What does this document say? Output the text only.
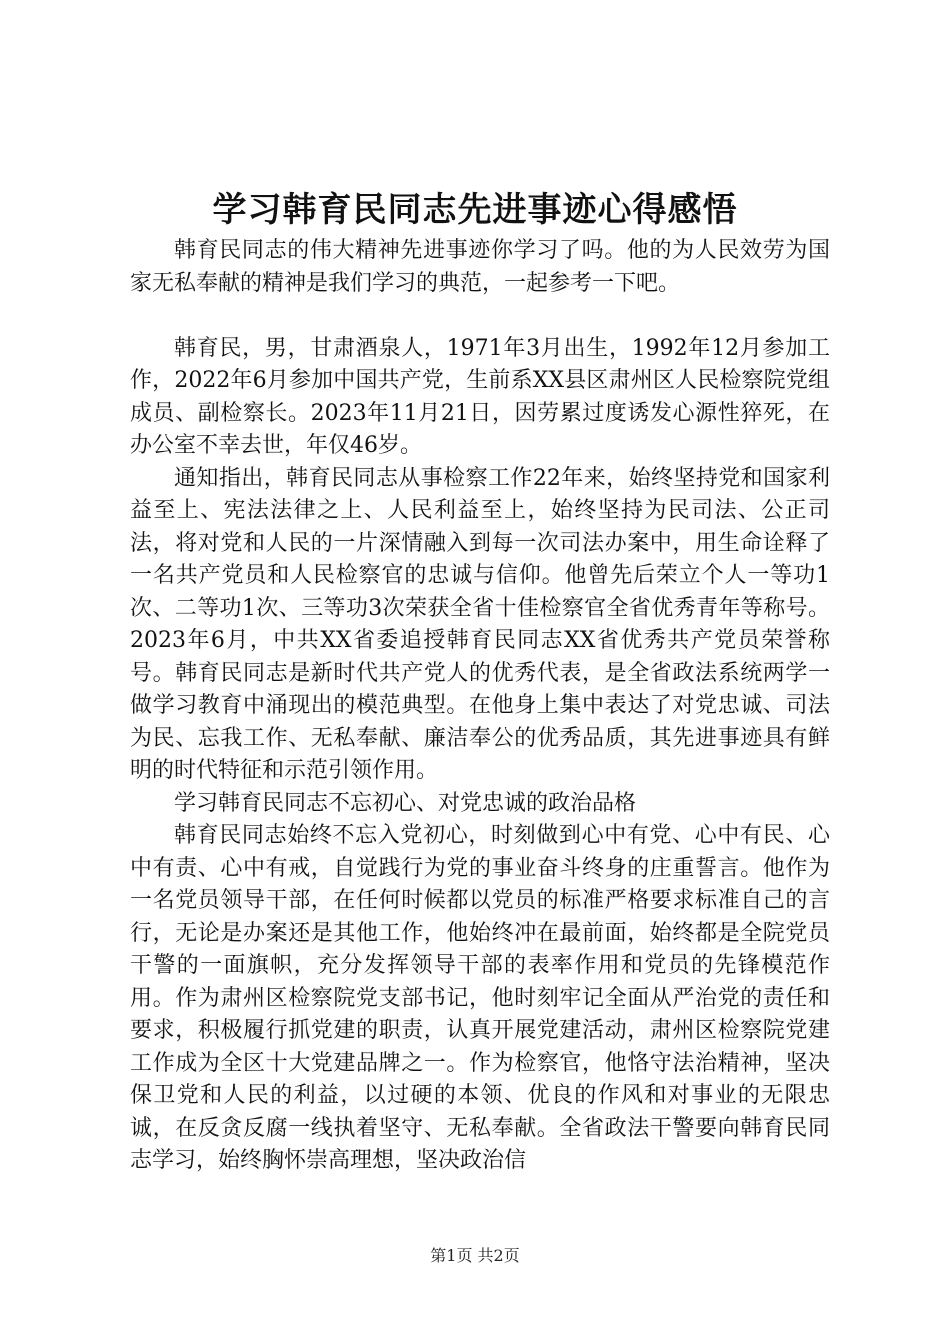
学习韩育民同志先进事迹心得感悟

韩育民同志的伟大精神先进事迹你学习了吗。他的为人民效劳为国家无私奉献的精神是我们学习的典范，一起参考一下吧。

韩育民，男，甘肃酒泉人，1971年3月出生，1992年12月参加工作，2022年6月参加中国共产党，生前系XX县区肃州区人民检察院党组成员、副检察长。2023年11月21日，因劳累过度诱发心源性猝死，在办公室不幸去世，年仅46岁。

通知指出，韩育民同志从事检察工作22年来，始终坚持党和国家利益至上、宪法法律之上、人民利益至上，始终坚持为民司法、公正司法，将对党和人民的一片深情融入到每一次司法办案中，用生命诠释了一名共产党员和人民检察官的忠诚与信仰。他曾先后荣立个人一等功1次、二等功1次、三等功3次荣获全省十佳检察官全省优秀青年等称号。2023年6月，中共XX省委追授韩育民同志XX省优秀共产党员荣誉称号。韩育民同志是新时代共产党人的优秀代表，是全省政法系统两学一做学习教育中涌现出的模范典型。在他身上集中表达了对党忠诚、司法为民、忘我工作、无私奉献、廉洁奉公的优秀品质，其先进事迹具有鲜明的时代特征和示范引领作用。

学习韩育民同志不忘初心、对党忠诚的政治品格

韩育民同志始终不忘入党初心，时刻做到心中有党、心中有民、心中有责、心中有戒，自觉践行为党的事业奋斗终身的庄重誓言。他作为一名党员领导干部，在任何时候都以党员的标准严格要求标准自己的言行，无论是办案还是其他工作，他始终冲在最前面，始终都是全院党员干警的一面旗帜，充分发挥领导干部的表率作用和党员的先锋模范作用。作为肃州区检察院党支部书记，他时刻牢记全面从严治党的责任和要求，积极履行抓党建的职责，认真开展党建活动，肃州区检察院党建工作成为全区十大党建品牌之一。作为检察官，他恪守法治精神，坚决保卫党和人民的利益，以过硬的本领、优良的作风和对事业的无限忠诚，在反贪反腐一线执着坚守、无私奉献。全省政法干警要向韩育民同志学习，始终胸怀崇高理想，坚决政治信

第1页 共2页
